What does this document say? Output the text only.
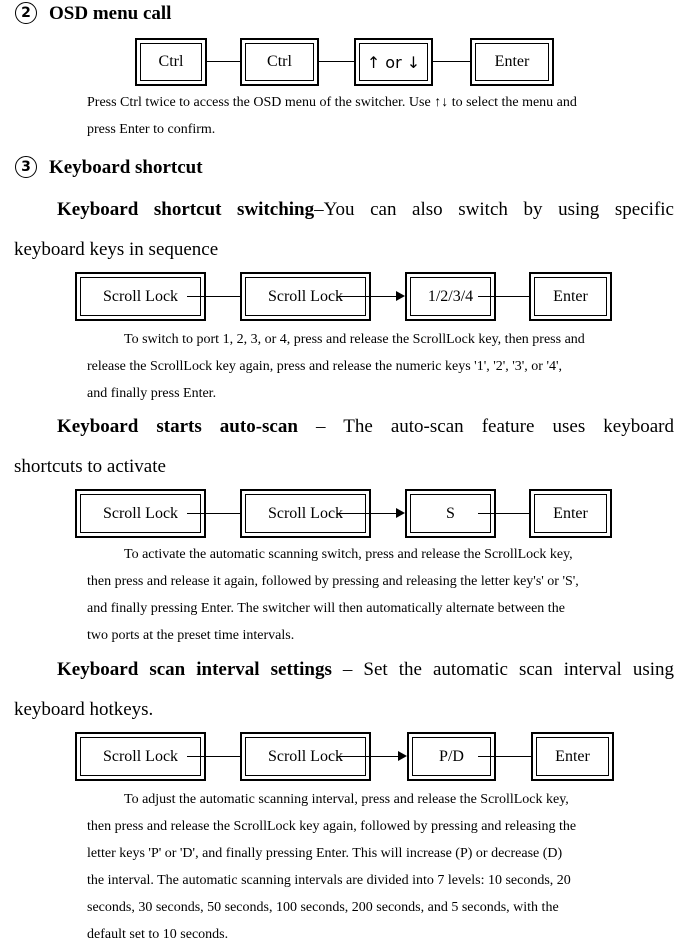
2 OSD menu call
Ctrl	Ctrl	↑ or ↓	Enter
Press Ctrl twice to access the OSD menu of the switcher. Use ↑↓ to select the menu and
press Enter to confirm.
3 Keyboard shortcut
Keyboard shortcut switching–You can also switch by using specific
keyboard keys in sequence
Scroll Lock	Scroll Lock	1/2/3/4	Enter
To switch to port 1, 2, 3, or 4, press and release the ScrollLock key, then press and
release the ScrollLock key again, press and release the numeric keys '1', '2', '3', or '4',
and finally press Enter.
Keyboard starts auto-scan – The auto-scan feature uses keyboard
shortcuts to activate
Scroll Lock	Scroll Lock	S	Enter
To activate the automatic scanning switch, press and release the ScrollLock key,
then press and release it again, followed by pressing and releasing the letter key's' or 'S',
and finally pressing Enter. The switcher will then automatically alternate between the
two ports at the preset time intervals.
Keyboard scan interval settings – Set the automatic scan interval using
keyboard hotkeys.
Scroll Lock	Scroll Lock	P/D	Enter
To adjust the automatic scanning interval, press and release the ScrollLock key,
then press and release the ScrollLock key again, followed by pressing and releasing the
letter keys 'P' or 'D', and finally pressing Enter. This will increase (P) or decrease (D)
the interval. The automatic scanning intervals are divided into 7 levels: 10 seconds, 20
seconds, 30 seconds, 50 seconds, 100 seconds, 200 seconds, and 5 seconds, with the
default set to 10 seconds.
